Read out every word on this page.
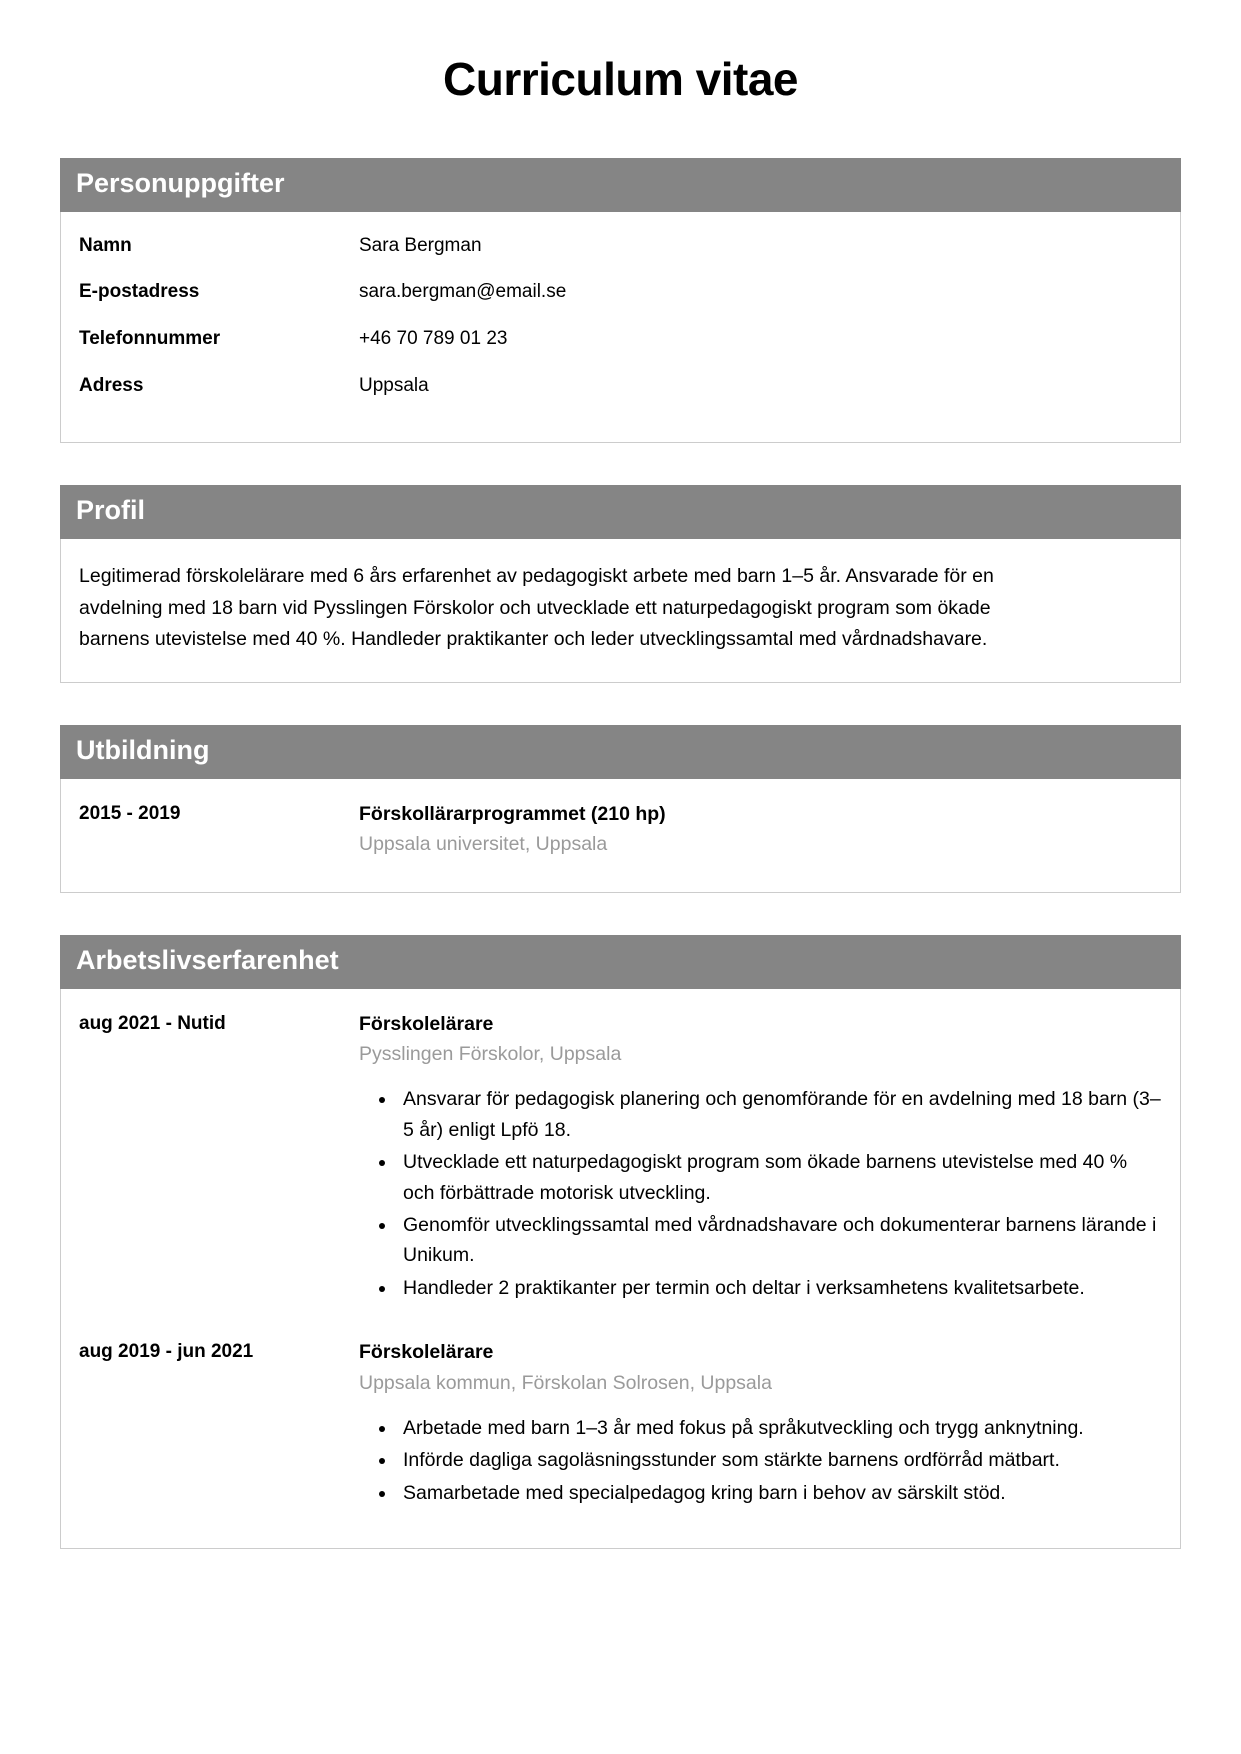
Curriculum vitae
Personuppgifter
Namn	Sara Bergman
E-postadress	sara.bergman@email.se
Telefonnummer	+46 70 789 01 23
Adress	Uppsala
Profil
Legitimerad förskolelärare med 6 års erfarenhet av pedagogiskt arbete med barn 1–5 år. Ansvarade för en avdelning med 18 barn vid Pysslingen Förskolor och utvecklade ett naturpedagogiskt program som ökade barnens utevistelse med 40 %. Handleder praktikanter och leder utvecklingssamtal med vårdnadshavare.
Utbildning
2015 - 2019	Förskollärarprogrammet (210 hp)
Uppsala universitet, Uppsala
Arbetslivserfarenhet
aug 2021 - Nutid	Förskolelärare
Pysslingen Förskolor, Uppsala
• Ansvarar för pedagogisk planering och genomförande för en avdelning med 18 barn (3–5 år) enligt Lpfö 18.
• Utvecklade ett naturpedagogiskt program som ökade barnens utevistelse med 40 % och förbättrade motorisk utveckling.
• Genomför utvecklingssamtal med vårdnadshavare och dokumenterar barnens lärande i Unikum.
• Handleder 2 praktikanter per termin och deltar i verksamhetens kvalitetsarbete.
aug 2019 - jun 2021	Förskolelärare
Uppsala kommun, Förskolan Solrosen, Uppsala
• Arbetade med barn 1–3 år med fokus på språkutveckling och trygg anknytning.
• Införde dagliga sagoläsningsstunder som stärkte barnens ordförråd mätbart.
• Samarbetade med specialpedagog kring barn i behov av särskilt stöd.
